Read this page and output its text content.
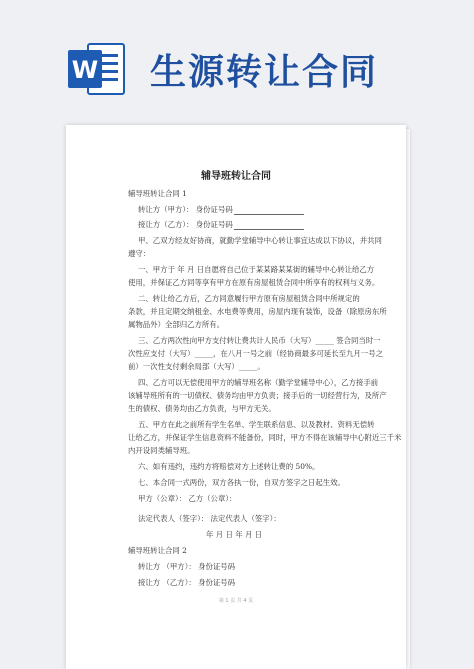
W 生源转让合同
辅导班转让合同
辅导班转让合同 1
转让方（甲方）： 身份证号码
接让方（乙方）： 身份证号码
甲、乙双方经友好协商，就勤学堂辅导中心转让事宜达成以下协议，并共同
遵守：
一、甲方于 年 月 日自愿将自己位于某某路某某街的辅导中心转让给乙方
使用，并保证乙方同等享有甲方在原有房屋租赁合同中所享有的权利与义务。
二、转让给乙方后，乙方同意履行甲方原有房屋租赁合同中所规定的
条款，并且定期交纳租金、水电费等费用，房屋内现有装饰，设备（除原房东所
属物品外）全部归乙方所有。
三、乙方两次性向甲方支付转让费共计人民币（大写）_____ 签合同当时一
次性应支付（大写）_____，在八月一号之前（经协商最多可延长至九月一号之
前）一次性支付剩余局部（大写）_____。
四、乙方可以无偿使用甲方的辅导班名称（勤学堂辅导中心），乙方接手前
该辅导班所有的一切债权、债务均由甲方负责；接手后的一切经营行为，及所产
生的债权、债务均由乙方负责，与甲方无关。
五、甲方在此之前所有学生名单、学生联系信息、以及教材、资料无偿转
让给乙方，并保证学生信息资料不能备份，同时，甲方不得在该辅导中心附近三千米
内开设同类辅导班。
六、如有违约，违约方将赔偿对方上述转让费的 50%。
七、本合同一式两份，双方各执一份，自双方签字之日起生效。
甲方（公章）： 乙方（公章）：
法定代表人（签字）： 法定代表人（签字）：
年 月 日 年 月 日
辅导班转让合同 2
转让方 （甲方）： 身份证号码
接让方 （乙方）： 身份证号码
第 1 页 共 4 页
